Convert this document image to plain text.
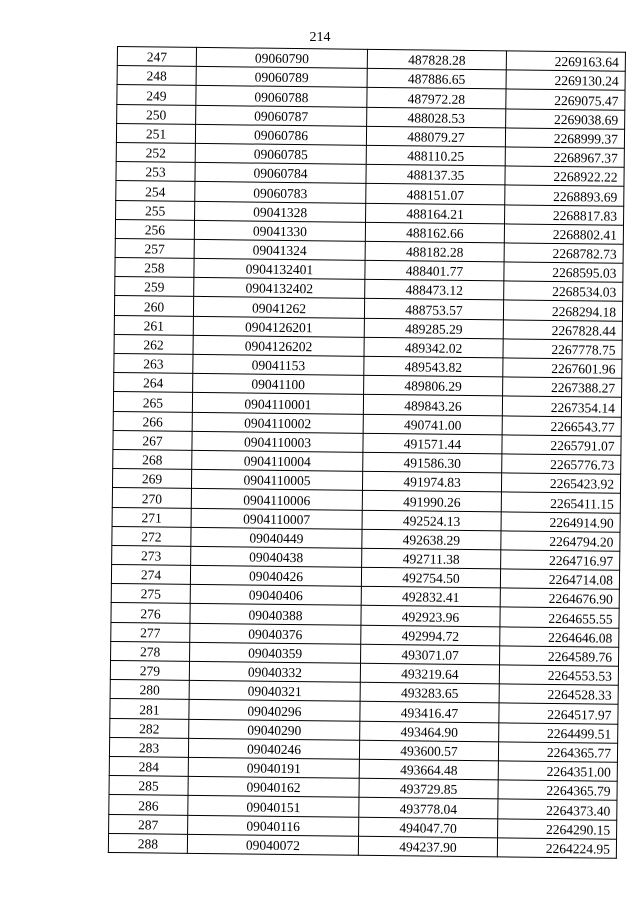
214
247	09060790	487828.28	2269163.64
248	09060789	487886.65	2269130.24
249	09060788	487972.28	2269075.47
250	09060787	488028.53	2269038.69
251	09060786	488079.27	2268999.37
252	09060785	488110.25	2268967.37
253	09060784	488137.35	2268922.22
254	09060783	488151.07	2268893.69
255	09041328	488164.21	2268817.83
256	09041330	488162.66	2268802.41
257	09041324	488182.28	2268782.73
258	0904132401	488401.77	2268595.03
259	0904132402	488473.12	2268534.03
260	09041262	488753.57	2268294.18
261	0904126201	489285.29	2267828.44
262	0904126202	489342.02	2267778.75
263	09041153	489543.82	2267601.96
264	09041100	489806.29	2267388.27
265	0904110001	489843.26	2267354.14
266	0904110002	490741.00	2266543.77
267	0904110003	491571.44	2265791.07
268	0904110004	491586.30	2265776.73
269	0904110005	491974.83	2265423.92
270	0904110006	491990.26	2265411.15
271	0904110007	492524.13	2264914.90
272	09040449	492638.29	2264794.20
273	09040438	492711.38	2264716.97
274	09040426	492754.50	2264714.08
275	09040406	492832.41	2264676.90
276	09040388	492923.96	2264655.55
277	09040376	492994.72	2264646.08
278	09040359	493071.07	2264589.76
279	09040332	493219.64	2264553.53
280	09040321	493283.65	2264528.33
281	09040296	493416.47	2264517.97
282	09040290	493464.90	2264499.51
283	09040246	493600.57	2264365.77
284	09040191	493664.48	2264351.00
285	09040162	493729.85	2264365.79
286	09040151	493778.04	2264373.40
287	09040116	494047.70	2264290.15
288	09040072	494237.90	2264224.95
